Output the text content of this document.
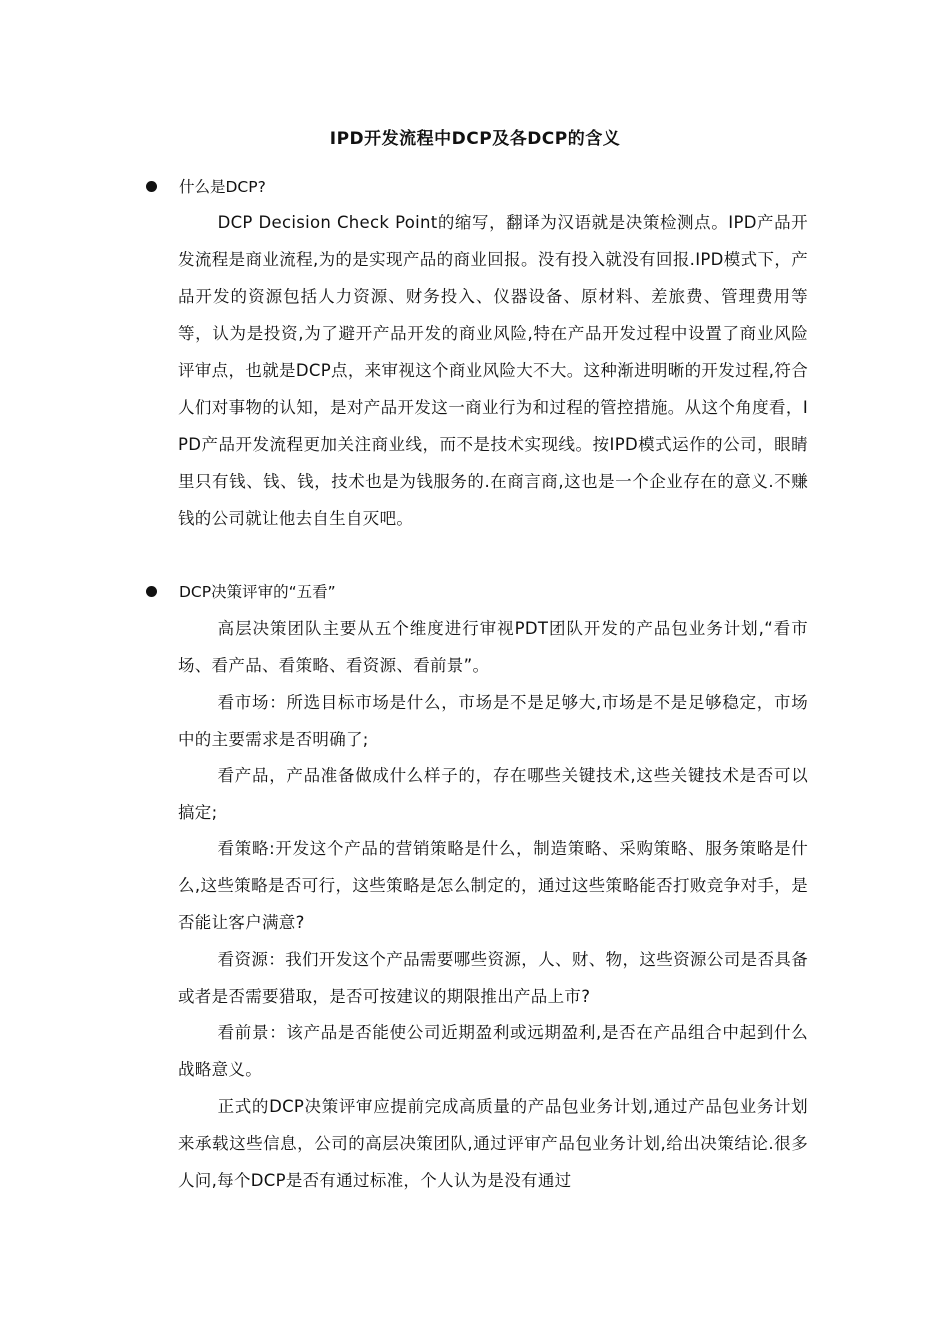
IPD开发流程中DCP及各DCP的含义
什么是DCP?

DCP Decision Check Point的缩写，翻译为汉语就是决策检测点。IPD产品开发流程是商业流程,为的是实现产品的商业回报。没有投入就没有回报.IPD模式下，产品开发的资源包括人力资源、财务投入、仪器设备、原材料、差旅费、管理费用等等，认为是投资,为了避开产品开发的商业风险,特在产品开发过程中设置了商业风险评审点，也就是DCP点，来审视这个商业风险大不大。这种渐进明晰的开发过程,符合人们对事物的认知，是对产品开发这一商业行为和过程的管控措施。从这个角度看，IPD产品开发流程更加关注商业线，而不是技术实现线。按IPD模式运作的公司，眼睛里只有钱、钱、钱，技术也是为钱服务的.在商言商,这也是一个企业存在的意义.不赚钱的公司就让他去自生自灭吧。

DCP决策评审的“五看”

高层决策团队主要从五个维度进行审视PDT团队开发的产品包业务计划,“看市场、看产品、看策略、看资源、看前景”。

看市场：所选目标市场是什么，市场是不是足够大,市场是不是足够稳定，市场中的主要需求是否明确了;

看产品，产品准备做成什么样子的，存在哪些关键技术,这些关键技术是否可以搞定;

看策略:开发这个产品的营销策略是什么，制造策略、采购策略、服务策略是什么,这些策略是否可行，这些策略是怎么制定的，通过这些策略能否打败竞争对手，是否能让客户满意?

看资源：我们开发这个产品需要哪些资源，人、财、物，这些资源公司是否具备或者是否需要猎取，是否可按建议的期限推出产品上市?

看前景：该产品是否能使公司近期盈利或远期盈利,是否在产品组合中起到什么战略意义。

正式的DCP决策评审应提前完成高质量的产品包业务计划,通过产品包业务计划来承载这些信息，公司的高层决策团队,通过评审产品包业务计划,给出决策结论.很多人问,每个DCP是否有通过标准，个人认为是没有通过
